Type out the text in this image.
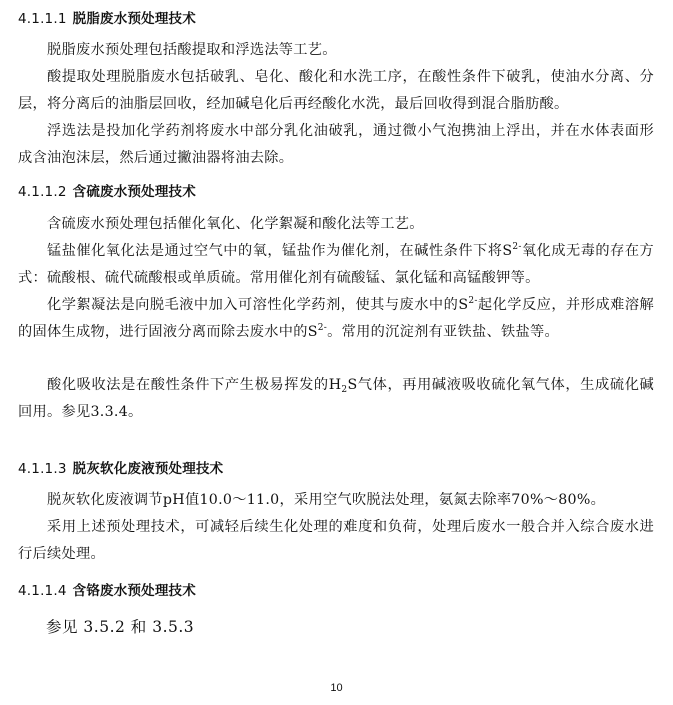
4.1.1.1 脱脂废水预处理技术
脱脂废水预处理包括酸提取和浮选法等工艺。
酸提取处理脱脂废水包括破乳、皂化、酸化和水洗工序，在酸性条件下破乳，使油水分离、分层，将分离后的油脂层回收，经加碱皂化后再经酸化水洗，最后回收得到混合脂肪酸。
浮选法是投加化学药剂将废水中部分乳化油破乳，通过微小气泡携油上浮出，并在水体表面形成含油泡沫层，然后通过撇油器将油去除。
4.1.1.2 含硫废水预处理技术
含硫废水预处理包括催化氧化、化学絮凝和酸化法等工艺。
锰盐催化氧化法是通过空气中的氧，锰盐作为催化剂，在碱性条件下将$S^{2-}$氧化成无毒的存在方式：硫酸根、硫代硫酸根或单质硫。常用催化剂有硫酸锰、氯化锰和高锰酸钾等。
化学絮凝法是向脱毛液中加入可溶性化学药剂，使其与废水中的$S^{2-}$起化学反应，并形成难溶解的固体生成物，进行固液分离而除去废水中的$S^{2-}$。常用的沉淀剂有亚铁盐、铁盐等。
酸化吸收法是在酸性条件下产生极易挥发的$H_2S$气体，再用碱液吸收硫化氧气体，生成硫化碱回用。参见3.3.4。
4.1.1.3 脱灰软化废液预处理技术
脱灰软化废液调节pH值10.0～11.0，采用空气吹脱法处理，氨氮去除率70%～80%。
采用上述预处理技术，可减轻后续生化处理的难度和负荷，处理后废水一般合并入综合废水进行后续处理。
4.1.1.4 含铬废水预处理技术
参见 3.5.2 和 3.5.3
10
